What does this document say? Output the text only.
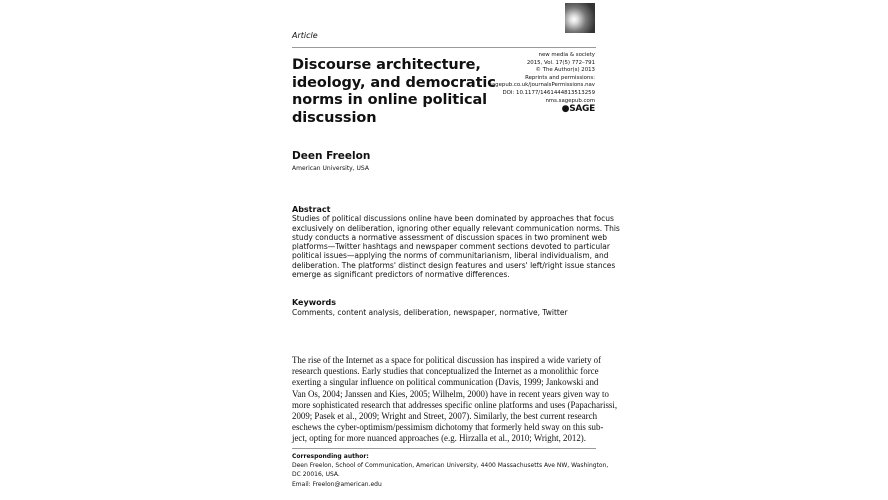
Article
Discourse architecture,
ideology, and democratic
norms in online political
discussion
new media & society
2015, Vol. 17(5) 772–791
© The Author(s) 2013
Reprints and permissions:
sagepub.co.uk/journalsPermissions.nav
DOI: 10.1177/1461444813513259
nms.sagepub.com
●SAGE
Deen Freelon
American University, USA
Abstract
Studies of political discussions online have been dominated by approaches that focus
exclusively on deliberation, ignoring other equally relevant communication norms. This
study conducts a normative assessment of discussion spaces in two prominent web
platforms—Twitter hashtags and newspaper comment sections devoted to particular
political issues—applying the norms of communitarianism, liberal individualism, and
deliberation. The platforms' distinct design features and users' left/right issue stances
emerge as significant predictors of normative differences.
Keywords
Comments, content analysis, deliberation, newspaper, normative, Twitter
The rise of the Internet as a space for political discussion has inspired a wide variety of
research questions. Early studies that conceptualized the Internet as a monolithic force
exerting a singular influence on political communication (Davis, 1999; Jankowski and
Van Os, 2004; Janssen and Kies, 2005; Wilhelm, 2000) have in recent years given way to
more sophisticated research that addresses specific online platforms and uses (Papacharissi,
2009; Pasek et al., 2009; Wright and Street, 2007). Similarly, the best current research
eschews the cyber-optimism/pessimism dichotomy that formerly held sway on this sub-
ject, opting for more nuanced approaches (e.g. Hirzalla et al., 2010; Wright, 2012).
Corresponding author:
Deen Freelon, School of Communication, American University, 4400 Massachusetts Ave NW, Washington,
DC 20016, USA.
Email: Freelon@american.edu
